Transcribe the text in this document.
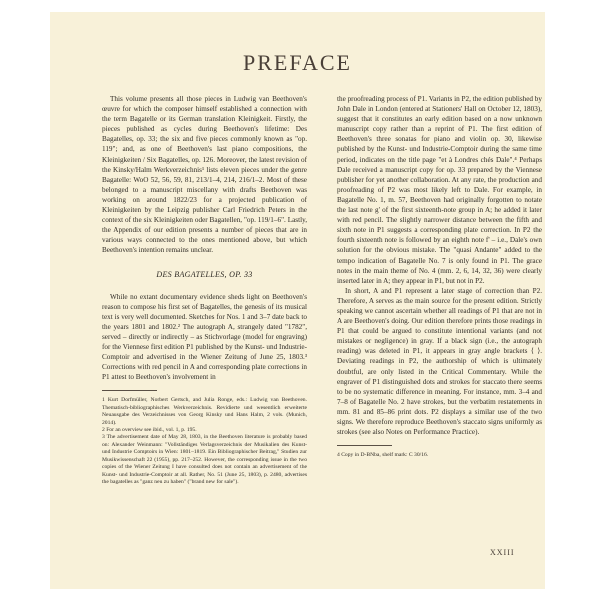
PREFACE

This volume presents all those pieces in Ludwig van Beethoven's œuvre for which the composer himself established a connection with the term Bagatelle or its German translation Kleinigkeit. Firstly, the pieces published as cycles during Beethoven's lifetime: Des Bagatelles, op. 33; the six and five pieces commonly known as "op. 119"; and, as one of Beethoven's last piano compositions, the Kleinigkeiten / Six Bagatelles, op. 126. Moreover, the latest revision of the Kinsky/Halm Werkverzeichnis¹ lists eleven pieces under the genre Bagatelle: WoO 52, 56, 59, 81, 213/1–4, 214, 216/1–2. Most of these belonged to a manuscript miscellany with drafts Beethoven was working on around 1822/23 for a projected publication of Kleinigkeiten by the Leipzig publisher Carl Friedrich Peters in the context of the six Kleinigkeiten oder Bagatellen, "op. 119/1–6". Lastly, the Appendix of our edition presents a number of pieces that are in various ways connected to the ones mentioned above, but which Beethoven's intention remains unclear.

DES BAGATELLES, OP. 33

While no extant documentary evidence sheds light on Beethoven's reason to compose his first set of Bagatelles, the genesis of its musical text is very well documented. Sketches for Nos. 1 and 3–7 date back to the years 1801 and 1802.² The autograph A, strangely dated "1782", served – directly or indirectly – as Stichvorlage (model for engraving) for the Viennese first edition P1 published by the Kunst- und Industrie-Comptoir and advertised in the Wiener Zeitung of June 25, 1803.³ Corrections with red pencil in A and corresponding plate corrections in P1 attest to Beethoven's involvement in

1 Kurt Dorfmüller, Norbert Gertsch, and Julia Ronge, eds.: Ludwig van Beethoven. Thematisch-bibliographisches Werkverzeichnis. Revidierte und wesentlich erweiterte Neuausgabe des Verzeichnisses von Georg Kinsky und Hans Halm, 2 vols. (Munich, 2014).

2 For an overview see ibid., vol. 1, p. 195.

3 The advertisement date of May 28, 1803, in the Beethoven literature is probably based on: Alexander Weinmann: "Vollständiges Verlagsverzeichnis der Musikalien des Kunst- und Industrie Comptoirs in Wien: 1801–1819. Ein Bibliographischer Beitrag," Studien zur Musikwissenschaft 22 (1955), pp. 217–252. However, the corresponding issue in the two copies of the Wiener Zeitung I have consulted does not contain an advertisement of the Kunst- und Industrie-Comptoir at all. Rather, No. 51 (June 25, 1803), p. 2480, advertises the bagatelles as "ganz neu zu haben" ("brand new for sale").

the proofreading process of P1. Variants in P2, the edition published by John Dale in London (entered at Stationers' Hall on October 12, 1803), suggest that it constitutes an early edition based on a now unknown manuscript copy rather than a reprint of P1. The first edition of Beethoven's three sonatas for piano and violin op. 30, likewise published by the Kunst- und Industrie-Comptoir during the same time period, indicates on the title page "et à Londres chés Dale".⁴ Perhaps Dale received a manuscript copy for op. 33 prepared by the Viennese publisher for yet another collaboration. At any rate, the production and proofreading of P2 was most likely left to Dale. For example, in Bagatelle No. 1, m. 57, Beethoven had originally forgotten to notate the last note g' of the first sixteenth-note group in A; he added it later with red pencil. The slightly narrower distance between the fifth and sixth note in P1 suggests a corresponding plate correction. In P2 the fourth sixteenth note is followed by an eighth note f' – i.e., Dale's own solution for the obvious mistake. The "quasi Andante" added to the tempo indication of Bagatelle No. 7 is only found in P1. The grace notes in the main theme of No. 4 (mm. 2, 6, 14, 32, 36) were clearly inserted later in A; they appear in P1, but not in P2.

In short, A and P1 represent a later stage of correction than P2. Therefore, A serves as the main source for the present edition. Strictly speaking we cannot ascertain whether all readings of P1 that are not in A are Beethoven's doing. Our edition therefore prints those readings in P1 that could be argued to constitute intentional variants (and not mistakes or negligence) in gray. If a black sign (i.e., the autograph reading) was deleted in P1, it appears in gray angle brackets ⟨ ⟩. Deviating readings in P2, the authorship of which is ultimately doubtful, are only listed in the Critical Commentary. While the engraver of P1 distinguished dots and strokes for staccato there seems to be no systematic difference in meaning. For instance, mm. 3–4 and 7–8 of Bagatelle No. 2 have strokes, but the verbatim restatements in mm. 81 and 85–86 print dots. P2 displays a similar use of the two signs. We therefore reproduce Beethoven's staccato signs uniformly as strokes (see also Notes on Performance Practice).

4 Copy in D-BNba, shelf mark: C 30/16.

XXIII
